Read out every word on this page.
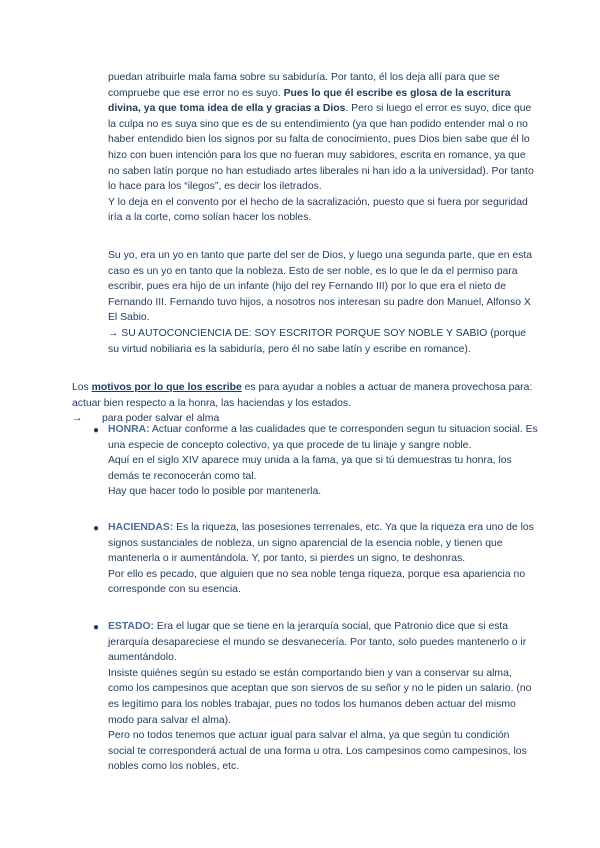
puedan atribuirle mala fama sobre su sabiduría. Por tanto, él los deja allí para que se compruebe que ese error no es suyo. Pues lo que él escribe es glosa de la escritura divina, ya que toma idea de ella y gracias a Dios. Pero si luego el error es suyo, dice que la culpa no es suya sino que es de su entendimiento (ya que han podido entender mal o no haber entendido bien los signos por su falta de conocimiento, pues Dios bien sabe que él lo hizo con buen intención para los que no fueran muy sabidores, escrita en romance, ya que no saben latín porque no han estudiado artes liberales ni han ido a la universidad). Por tanto lo hace para los “ilegos”, es decir los iletrados.

Y lo deja en el convento por el hecho de la sacralización, puesto que si fuera por seguridad iría a la corte, como solían hacer los nobles.

Su yo, era un yo en tanto que parte del ser de Dios, y luego una segunda parte, que en esta caso es un yo en tanto que la nobleza. Esto de ser noble, es lo que le da el permiso para escribir, pues era hijo de un infante (hijo del rey Fernando III) por lo que era el nieto de Fernando III. Fernando tuvo hijos, a nosotros nos interesan su padre don Manuel, Alfonso X El Sabio.

→ SU AUTOCONCIENCIA DE: SOY ESCRITOR PORQUE SOY NOBLE Y SABIO (porque su virtud nobiliaria es la sabiduría, pero él no sabe latín y escribe en romance).

Los motivos por lo que los escribe es para ayudar a nobles a actuar de manera provechosa para: actuar bien respecto a la honra, las haciendas y los estados.

→ para poder salvar el alma

● HONRA: Actuar conforme a las cualidades que te corresponden segun tu situacion social. Es una especie de concepto colectivo, ya que procede de tu linaje y sangre noble.

Aquí en el siglo XIV aparece muy unida a la fama, ya que si tú demuestras tu honra, los demás te reconocerán como tal.

Hay que hacer todo lo posible por mantenerla.

● HACIENDAS: Es la riqueza, las posesiones terrenales, etc. Ya que la riqueza era uno de los signos sustanciales de nobleza, un signo aparencial de la esencia noble, y tienen que mantenerla o ir aumentándola. Y, por tanto, si pierdes un signo, te deshonras.

Por ello es pecado, que alguien que no sea noble tenga riqueza, porque esa apariencia no corresponde con su esencia.

● ESTADO: Era el lugar que se tiene en la jerarquía social, que Patronio dice que si esta jerarquía desapareciese el mundo se desvanecería. Por tanto, solo puedes mantenerlo o ir aumentándolo.

Insiste quiénes según su estado se están comportando bien y van a conservar su alma, como los campesinos que aceptan que son siervos de su señor y no le piden un salario. (no es legítimo para los nobles trabajar, pues no todos los humanos deben actuar del mismo modo para salvar el alma).

Pero no todos tenemos que actuar igual para salvar el alma, ya que según tu condición social te corresponderá actual de una forma u otra. Los campesinos como campesinos, los nobles como los nobles, etc.
